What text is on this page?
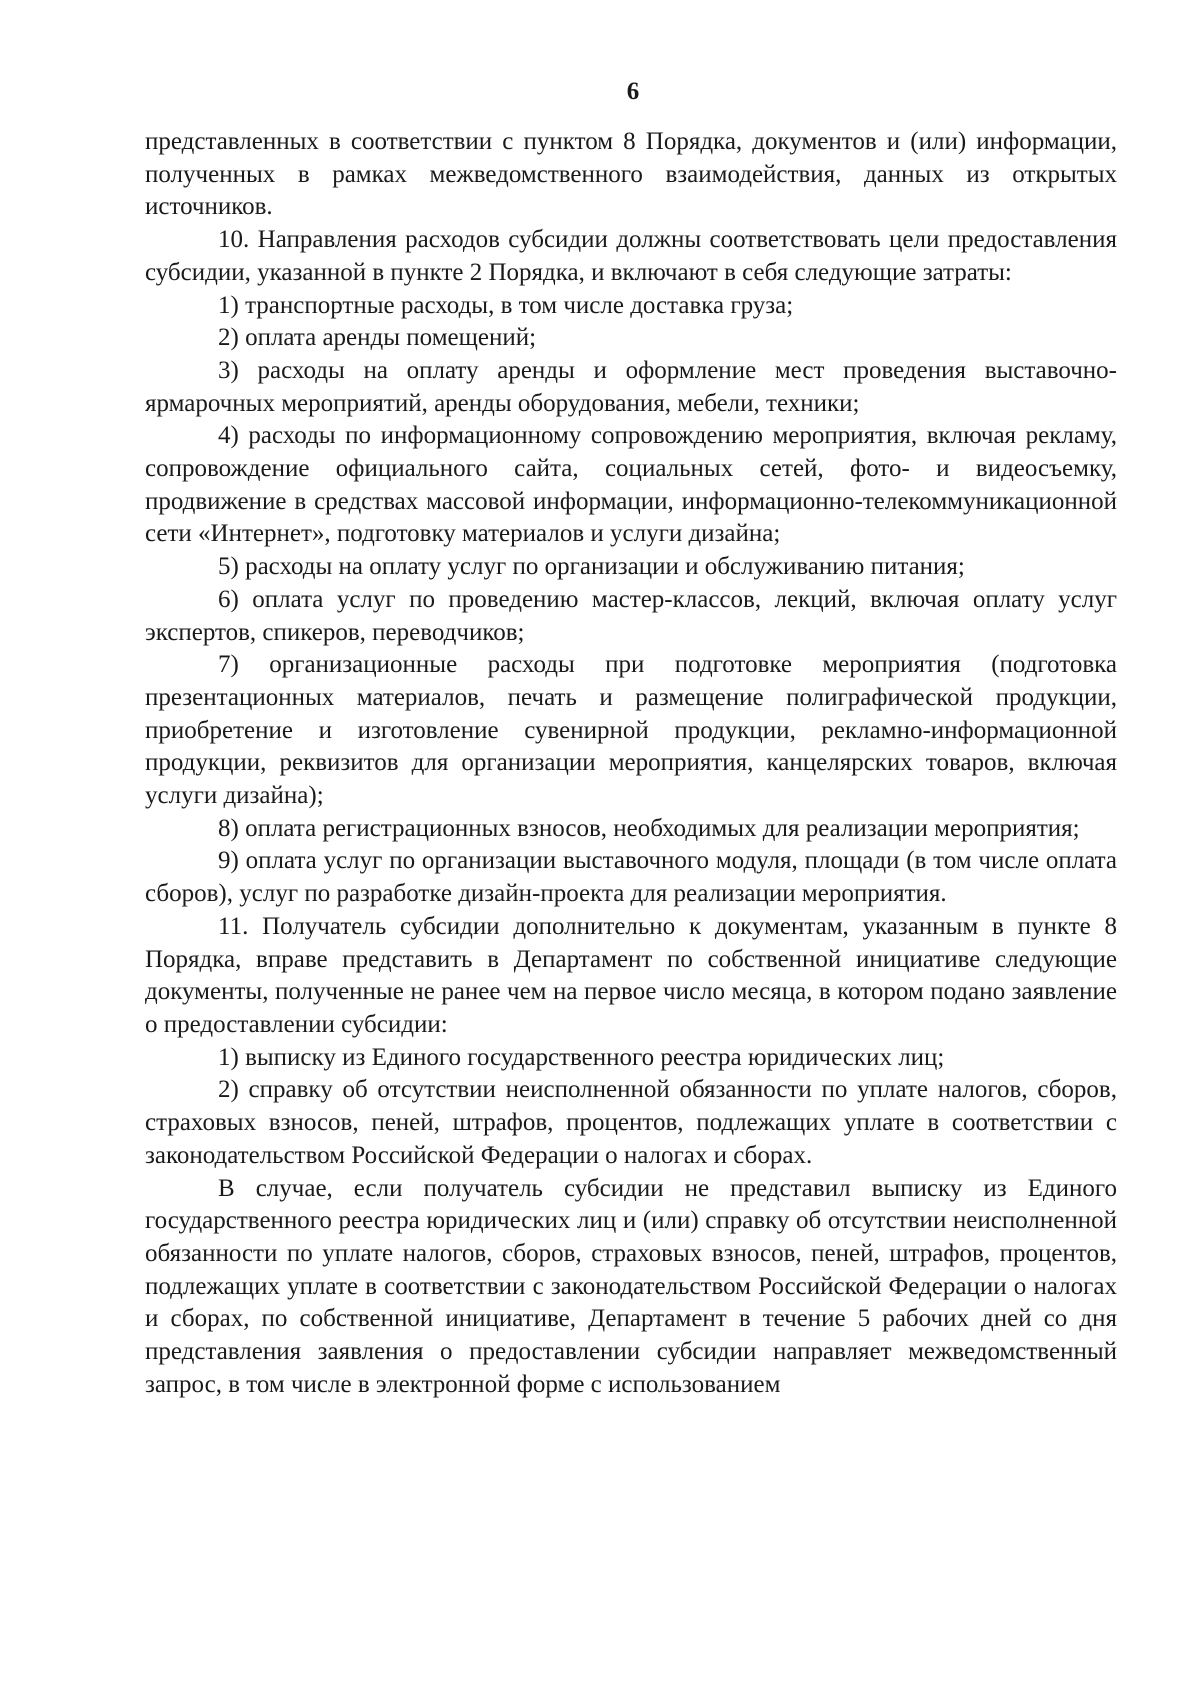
6

представленных в соответствии с пунктом 8 Порядка, документов и (или) информации, полученных в рамках межведомственного взаимодействия, данных из открытых источников.

10. Направления расходов субсидии должны соответствовать цели предоставления субсидии, указанной в пункте 2 Порядка, и включают в себя следующие затраты:

1) транспортные расходы, в том числе доставка груза;

2) оплата аренды помещений;

3) расходы на оплату аренды и оформление мест проведения выставочно-ярмарочных мероприятий, аренды оборудования, мебели, техники;

4) расходы по информационному сопровождению мероприятия, включая рекламу, сопровождение официального сайта, социальных сетей, фото- и видеосъемку, продвижение в средствах массовой информации, информационно-телекоммуникационной сети «Интернет», подготовку материалов и услуги дизайна;

5) расходы на оплату услуг по организации и обслуживанию питания;

6) оплата услуг по проведению мастер-классов, лекций, включая оплату услуг экспертов, спикеров, переводчиков;

7) организационные расходы при подготовке мероприятия (подготовка презентационных материалов, печать и размещение полиграфической продукции, приобретение и изготовление сувенирной продукции, рекламно-информационной продукции, реквизитов для организации мероприятия, канцелярских товаров, включая услуги дизайна);

8) оплата регистрационных взносов, необходимых для реализации мероприятия;

9) оплата услуг по организации выставочного модуля, площади (в том числе оплата сборов), услуг по разработке дизайн-проекта для реализации мероприятия.

11. Получатель субсидии дополнительно к документам, указанным в пункте 8 Порядка, вправе представить в Департамент по собственной инициативе следующие документы, полученные не ранее чем на первое число месяца, в котором подано заявление о предоставлении субсидии:

1) выписку из Единого государственного реестра юридических лиц;

2) справку об отсутствии неисполненной обязанности по уплате налогов, сборов, страховых взносов, пеней, штрафов, процентов, подлежащих уплате в соответствии с законодательством Российской Федерации о налогах и сборах.

В случае, если получатель субсидии не представил выписку из Единого государственного реестра юридических лиц и (или) справку об отсутствии неисполненной обязанности по уплате налогов, сборов, страховых взносов, пеней, штрафов, процентов, подлежащих уплате в соответствии с законодательством Российской Федерации о налогах и сборах, по собственной инициативе, Департамент в течение 5 рабочих дней со дня представления заявления о предоставлении субсидии направляет межведомственный запрос, в том числе в электронной форме с использованием
